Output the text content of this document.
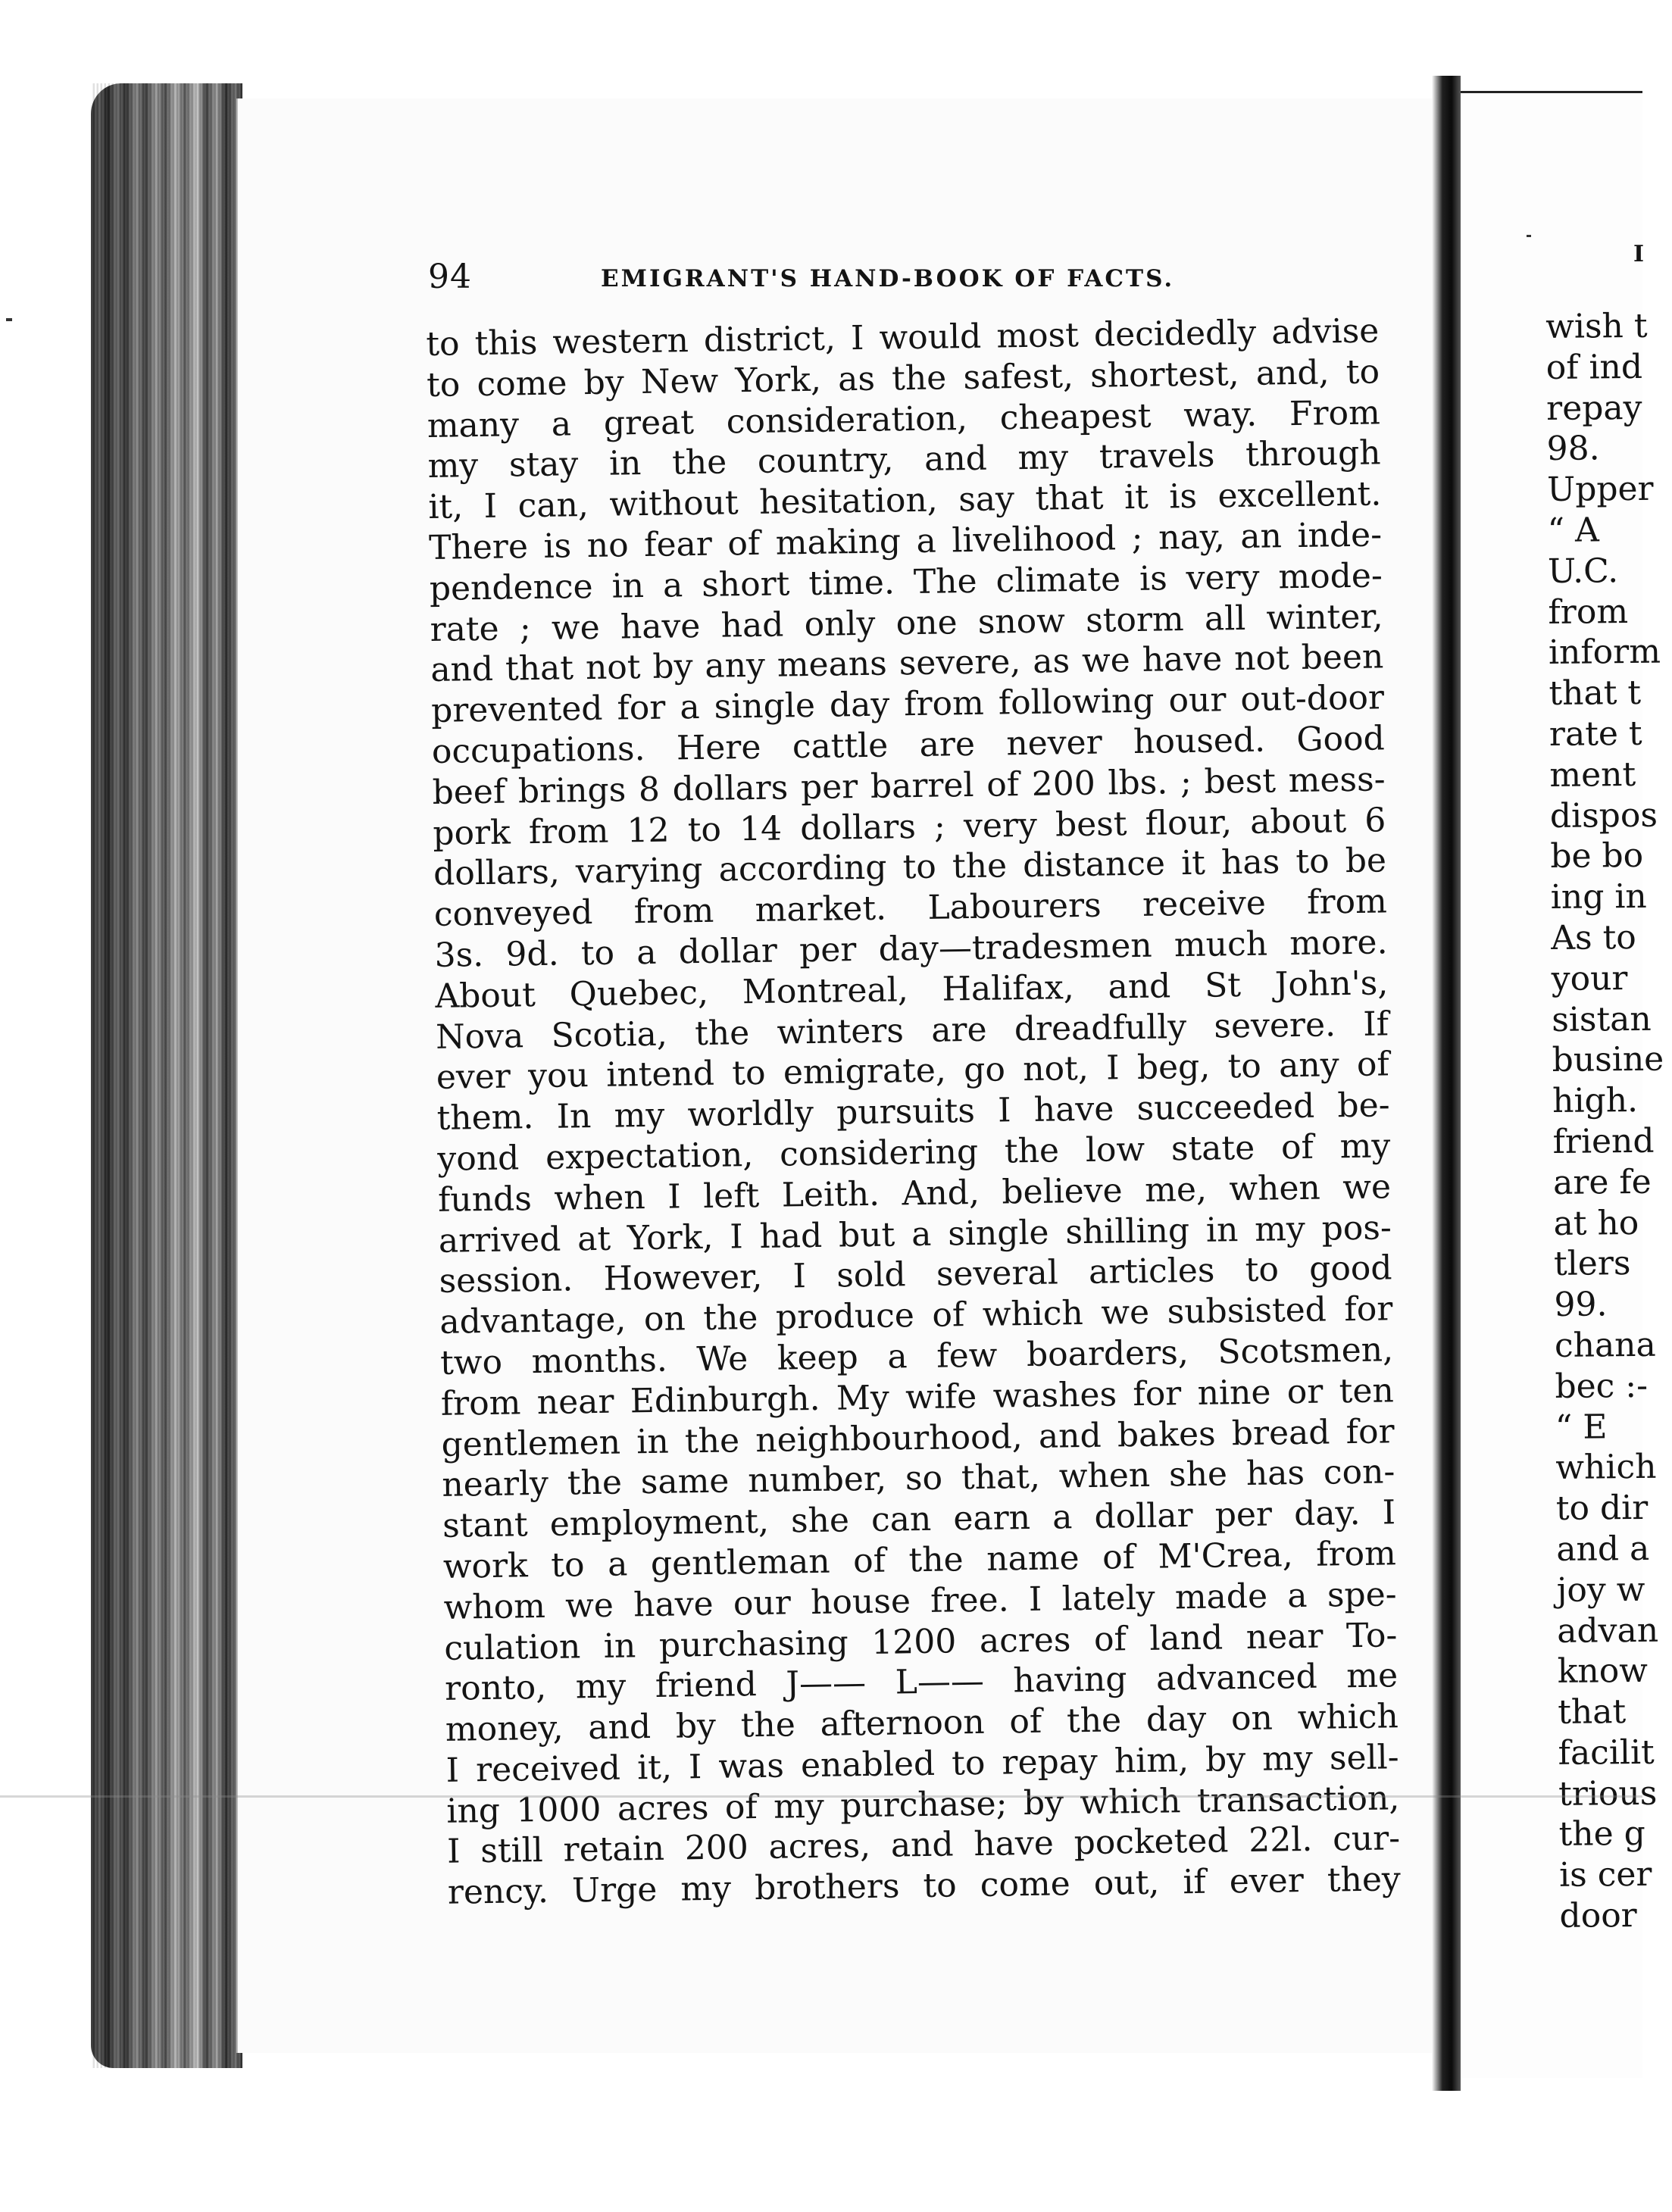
94	EMIGRANT'S HAND-BOOK OF FACTS.
to this western district, I would most decidedly advise
to come by New York, as the safest, shortest, and, to
many a great consideration, cheapest way. From
my stay in the country, and my travels through
it, I can, without hesitation, say that it is excellent.
There is no fear of making a livelihood ; nay, an inde-
pendence in a short time. The climate is very mode-
rate ; we have had only one snow storm all winter,
and that not by any means severe, as we have not been
prevented for a single day from following our out-door
occupations. Here cattle are never housed. Good
beef brings 8 dollars per barrel of 200 lbs. ; best mess-
pork from 12 to 14 dollars ; very best flour, about 6
dollars, varying according to the distance it has to be
conveyed from market. Labourers receive from
3s. 9d. to a dollar per day—tradesmen much more.
About Quebec, Montreal, Halifax, and St John's,
Nova Scotia, the winters are dreadfully severe. If
ever you intend to emigrate, go not, I beg, to any of
them. In my worldly pursuits I have succeeded be-
yond expectation, considering the low state of my
funds when I left Leith. And, believe me, when we
arrived at York, I had but a single shilling in my pos-
session. However, I sold several articles to good
advantage, on the produce of which we subsisted for
two months. We keep a few boarders, Scotsmen,
from near Edinburgh. My wife washes for nine or ten
gentlemen in the neighbourhood, and bakes bread for
nearly the same number, so that, when she has con-
stant employment, she can earn a dollar per day. I
work to a gentleman of the name of M'Crea, from
whom we have our house free. I lately made a spe-
culation in purchasing 1200 acres of land near To-
ronto, my friend J—— L—— having advanced me
money, and by the afternoon of the day on which
I received it, I was enabled to repay him, by my sell-
ing 1000 acres of my purchase; by which transaction,
I still retain 200 acres, and have pocketed 22l. cur-
rency. Urge my brothers to come out, if ever they
I
wish t
of ind
repay
98.
Upper
“ A
U.C.
from
inform
that t
rate t
ment
dispos
be bo
ing in
As to
your
sistan
busine
high.
friend
are fe
at ho
tlers
99.
chana
bec :-
“ E
which
to dir
and a
joy w
advan
know
that
facilit
trious
the g
is cer
door
